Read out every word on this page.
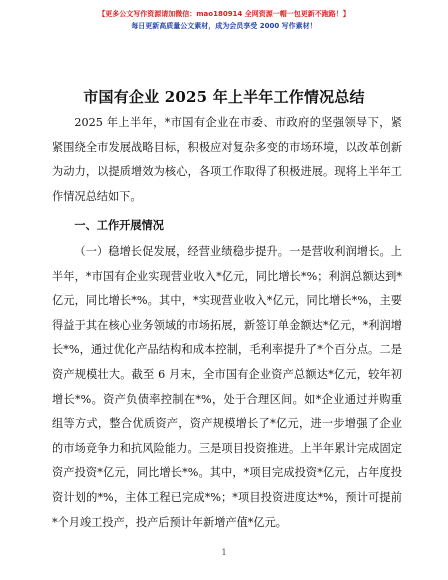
【更多公文写作资源请加微信：mao180914 全网资源一帽一包更新不跑路！】
每日更新高质量公文素材，成为会员享受 2000 写作素材！
市国有企业 2025 年上半年工作情况总结

2025 年上半年，*市国有企业在市委、市政府的坚强领导下，紧紧围绕全市发展战略目标，积极应对复杂多变的市场环境，以改革创新为动力，以提质增效为核心，各项工作取得了积极进展。现将上半年工作情况总结如下。

一、工作开展情况

（一）稳增长促发展，经营业绩稳步提升。一是营收利润增长。上半年，*市国有企业实现营业收入*亿元，同比增长*%；利润总额达到*亿元，同比增长*%。其中，*实现营业收入*亿元，同比增长*%，主要得益于其在核心业务领域的市场拓展，新签订单金额达*亿元，*利润增长*%，通过优化产品结构和成本控制，毛利率提升了*个百分点。二是资产规模壮大。截至 6 月末，全市国有企业资产总额达*亿元，较年初增长*%。资产负债率控制在*%，处于合理区间。如*企业通过并购重组等方式，整合优质资产，资产规模增长了*亿元，进一步增强了企业的市场竞争力和抗风险能力。三是项目投资推进。上半年累计完成固定资产投资*亿元，同比增长*%。其中，*项目完成投资*亿元，占年度投资计划的*%，主体工程已完成*%；*项目投资进度达*%，预计可提前*个月竣工投产，投产后预计年新增产值*亿元。

1
